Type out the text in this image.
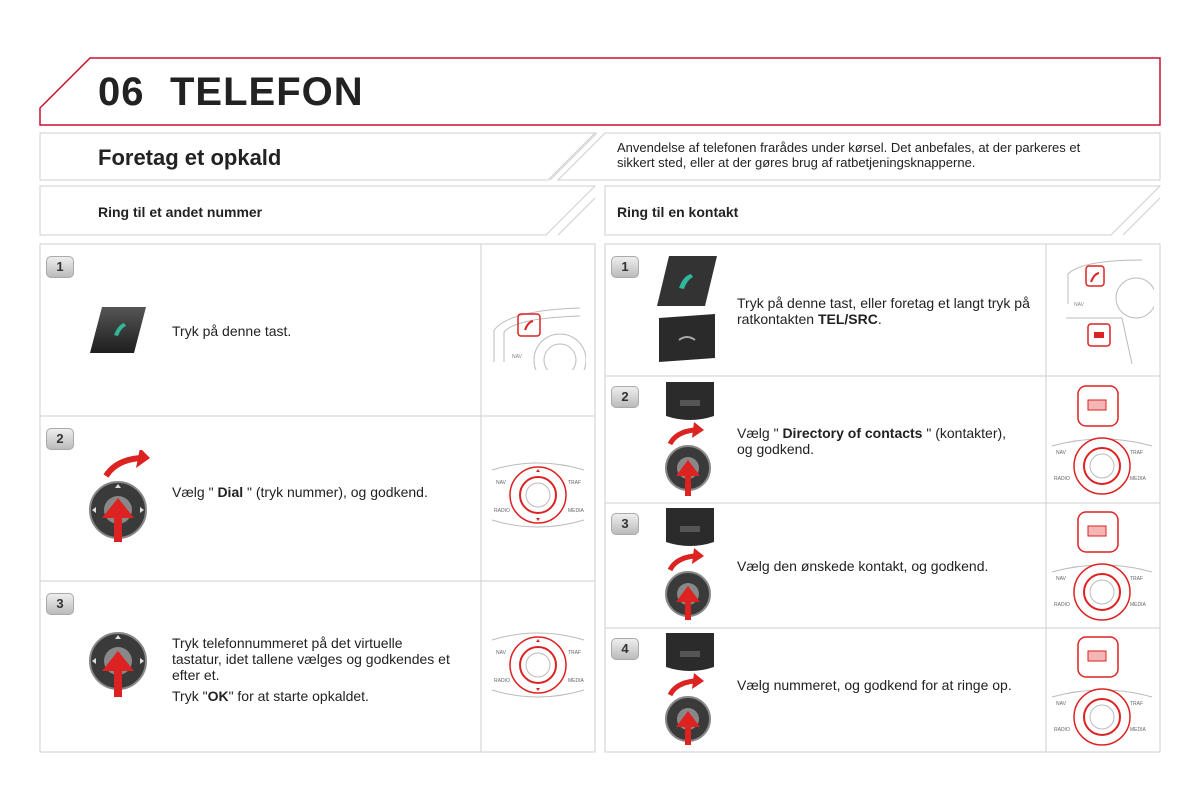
06 TELEFON
Foretag et opkald	Anvendelse af telefonen frarådes under kørsel. Det anbefales, at der parkeres et sikkert sted, eller at der gøres brug af ratbetjeningsknapperne.
Ring til et andet nummer	Ring til en kontakt
1
2
3
Tryk på denne tast.
Vælg " Dial " (tryk nummer), og godkend.
Tryk telefonnummeret på det virtuelle tastatur, idet tallene vælges og godkendes et efter et.
Tryk "OK" for at starte opkaldet.
NAV
NAV	TRAF
RADIO	MEDIA
NAV	TRAF
RADIO	MEDIA
1
2
3
4
Tryk på denne tast, eller foretag et langt tryk på ratkontakten TEL/SRC.
Vælg " Directory of contacts " (kontakter), og godkend.
Vælg den ønskede kontakt, og godkend.
Vælg nummeret, og godkend for at ringe op.
NAV
NAV	TRAF
RADIO	MEDIA
NAV	TRAF
RADIO	MEDIA
NAV	TRAF
RADIO	MEDIA
